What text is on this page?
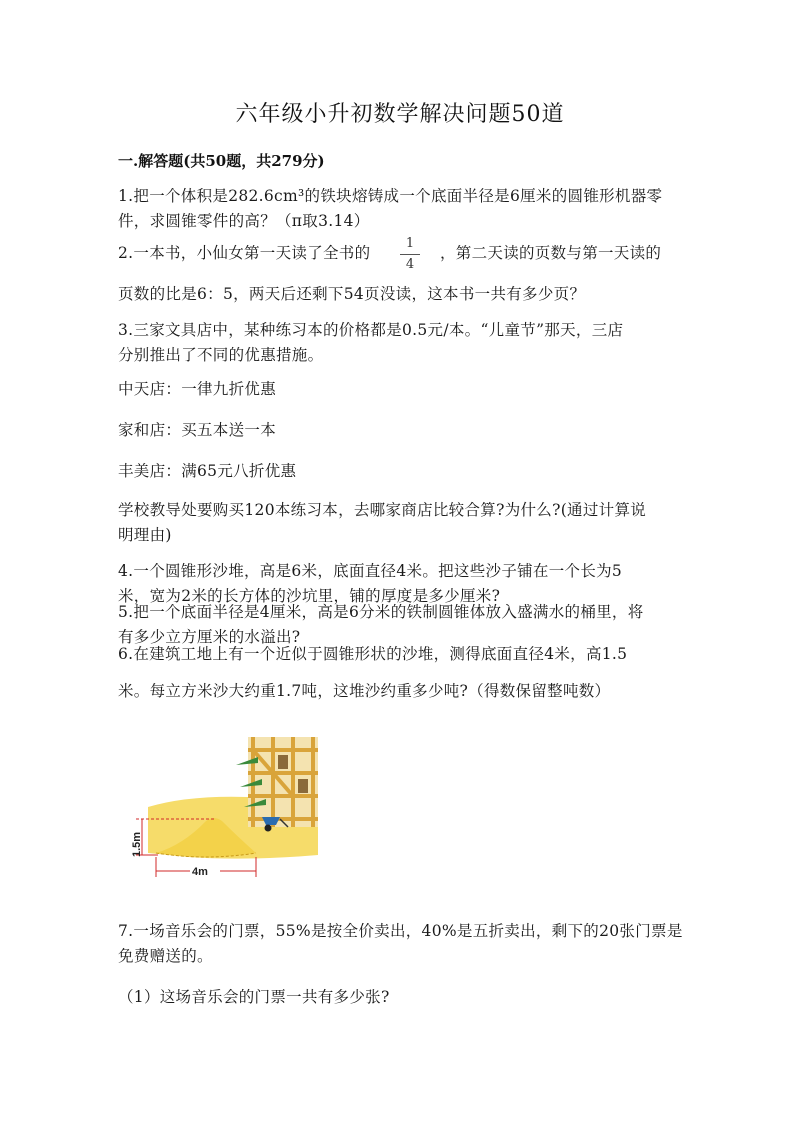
六年级小升初数学解决问题50道
一.解答题(共50题，共279分)
1.把一个体积是282.6cm³的铁块熔铸成一个底面半径是6厘米的圆锥形机器零
件，求圆锥零件的高？（π取3.14）
2.一本书，小仙女第一天读了全书的
1
4
，第二天读的页数与第一天读的
页数的比是6：5，两天后还剩下54页没读，这本书一共有多少页？
3.三家文具店中，某种练习本的价格都是0.5元/本。“儿童节”那天，三店
分别推出了不同的优惠措施。
中天店：一律九折优惠
家和店：买五本送一本
丰美店：满65元八折优惠
学校教导处要购买120本练习本，去哪家商店比较合算?为什么?(通过计算说
明理由)
4.一个圆锥形沙堆，高是6米，底面直径4米。把这些沙子铺在一个长为5
米，宽为2米的长方体的沙坑里，铺的厚度是多少厘米?
5.把一个底面半径是4厘米，高是6分米的铁制圆锥体放入盛满水的桶里，将
有多少立方厘米的水溢出?
6.在建筑工地上有一个近似于圆锥形状的沙堆，测得底面直径4米，高1.5
米。每立方米沙大约重1.7吨，这堆沙约重多少吨?（得数保留整吨数）
1.5m
4m
7.一场音乐会的门票，55%是按全价卖出，40%是五折卖出，剩下的20张门票是
免费赠送的。
（1）这场音乐会的门票一共有多少张?
